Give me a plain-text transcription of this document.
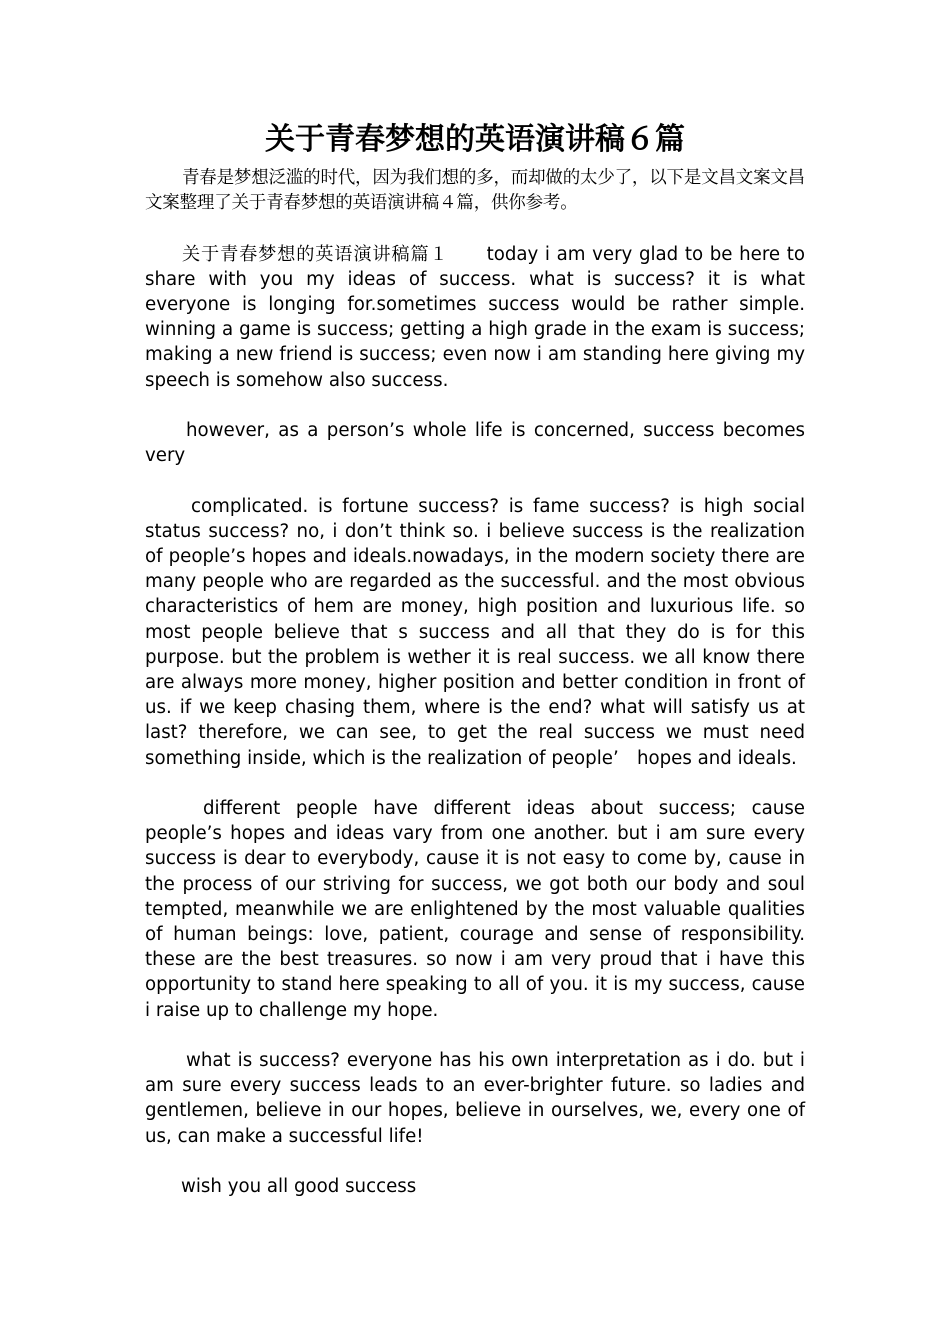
关于青春梦想的英语演讲稿６篇

青春是梦想泛滥的时代，因为我们想的多，而却做的太少了，以下是文昌文案文昌文案整理了关于青春梦想的英语演讲稿４篇，供你参考。

关于青春梦想的英语演讲稿篇１　　today i am very glad to be here to share with you my ideas of success. what is success? it is what everyone is longing for.sometimes success would be rather simple. winning a game is success; getting a high grade in the exam is success; making a new friend is success; even now i am standing here giving my speech is somehow also success.

however, as a person’s whole life is concerned, success becomes very

complicated. is fortune success? is fame success? is high social status success? no, i don’t think so. i believe success is the realization of people’s hopes and ideals.nowadays, in the modern society there are many people who are regarded as the successful. and the most obvious characteristics of hem are money, high position and luxurious life. so most people believe that s success and all that they do is for this purpose. but the problem is wether it is real success. we all know there are always more money, higher position and better condition in front of us. if we keep chasing them, where is the end? what will satisfy us at last? therefore, we can see, to get the real success we must need something inside, which is the realization of people’　hopes and ideals.

different people have different ideas about success; cause people’s hopes and ideas vary from one another. but i am sure every success is dear to everybody, cause it is not easy to come by, cause in the process of our striving for success, we got both our body and soul tempted, meanwhile we are enlightened by the most valuable qualities of human beings: love, patient, courage and sense of responsibility. these are the best treasures. so now i am very proud that i have this opportunity to stand here speaking to all of you. it is my success, cause i raise up to challenge my hope.

what is success? everyone has his own interpretation as i do. but i am sure every success leads to an ever-brighter future. so ladies and gentlemen, believe in our hopes, believe in ourselves, we, every one of us, can make a successful life!

wish you all good success
